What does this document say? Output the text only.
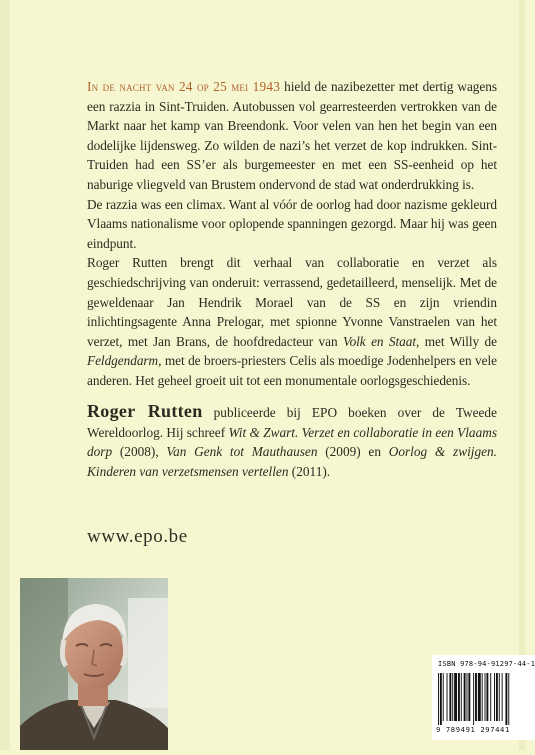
In de nacht van 24 op 25 mei 1943 hield de nazibezetter met dertig wagens een razzia in Sint-Truiden. Autobussen vol gearresteerden vertrokken van de Markt naar het kamp van Breendonk. Voor velen van hen het begin van een dodelijke lijdensweg. Zo wilden de nazi’s het verzet de kop indrukken. Sint-Truiden had een SS’er als burgemeester en met een SS-eenheid op het naburige vliegveld van Brustem ondervond de stad wat onderdrukking is.

De razzia was een climax. Want al vóór de oorlog had door nazisme gekleurd Vlaams nationalisme voor oplopende spanningen gezorgd. Maar hij was geen eindpunt.

Roger Rutten brengt dit verhaal van collaboratie en verzet als geschiedschrijving van onderuit: verrassend, gedetailleerd, menselijk. Met de geweldenaar Jan Hendrik Morael van de SS en zijn vriendin inlichtingsagente Anna Prelogar, met spionne Yvonne Vanstraelen van het verzet, met Jan Brans, de hoofdredacteur van Volk en Staat, met Willy de Feldgendarm, met de broers-priesters Celis als moedige Jodenhelpers en vele anderen. Het geheel groeit uit tot een monumentale oorlogsgeschiedenis.

Roger Rutten publiceerde bij EPO boeken over de Tweede Wereldoorlog. Hij schreef Wit & Zwart. Verzet en collaboratie in een Vlaams dorp (2008), Van Genk tot Mauthausen (2009) en Oorlog & zwijgen. Kinderen van verzetsmensen vertellen (2011).

www.epo.be
ISBN 978-94-91297-44-1
9 789491 297441
